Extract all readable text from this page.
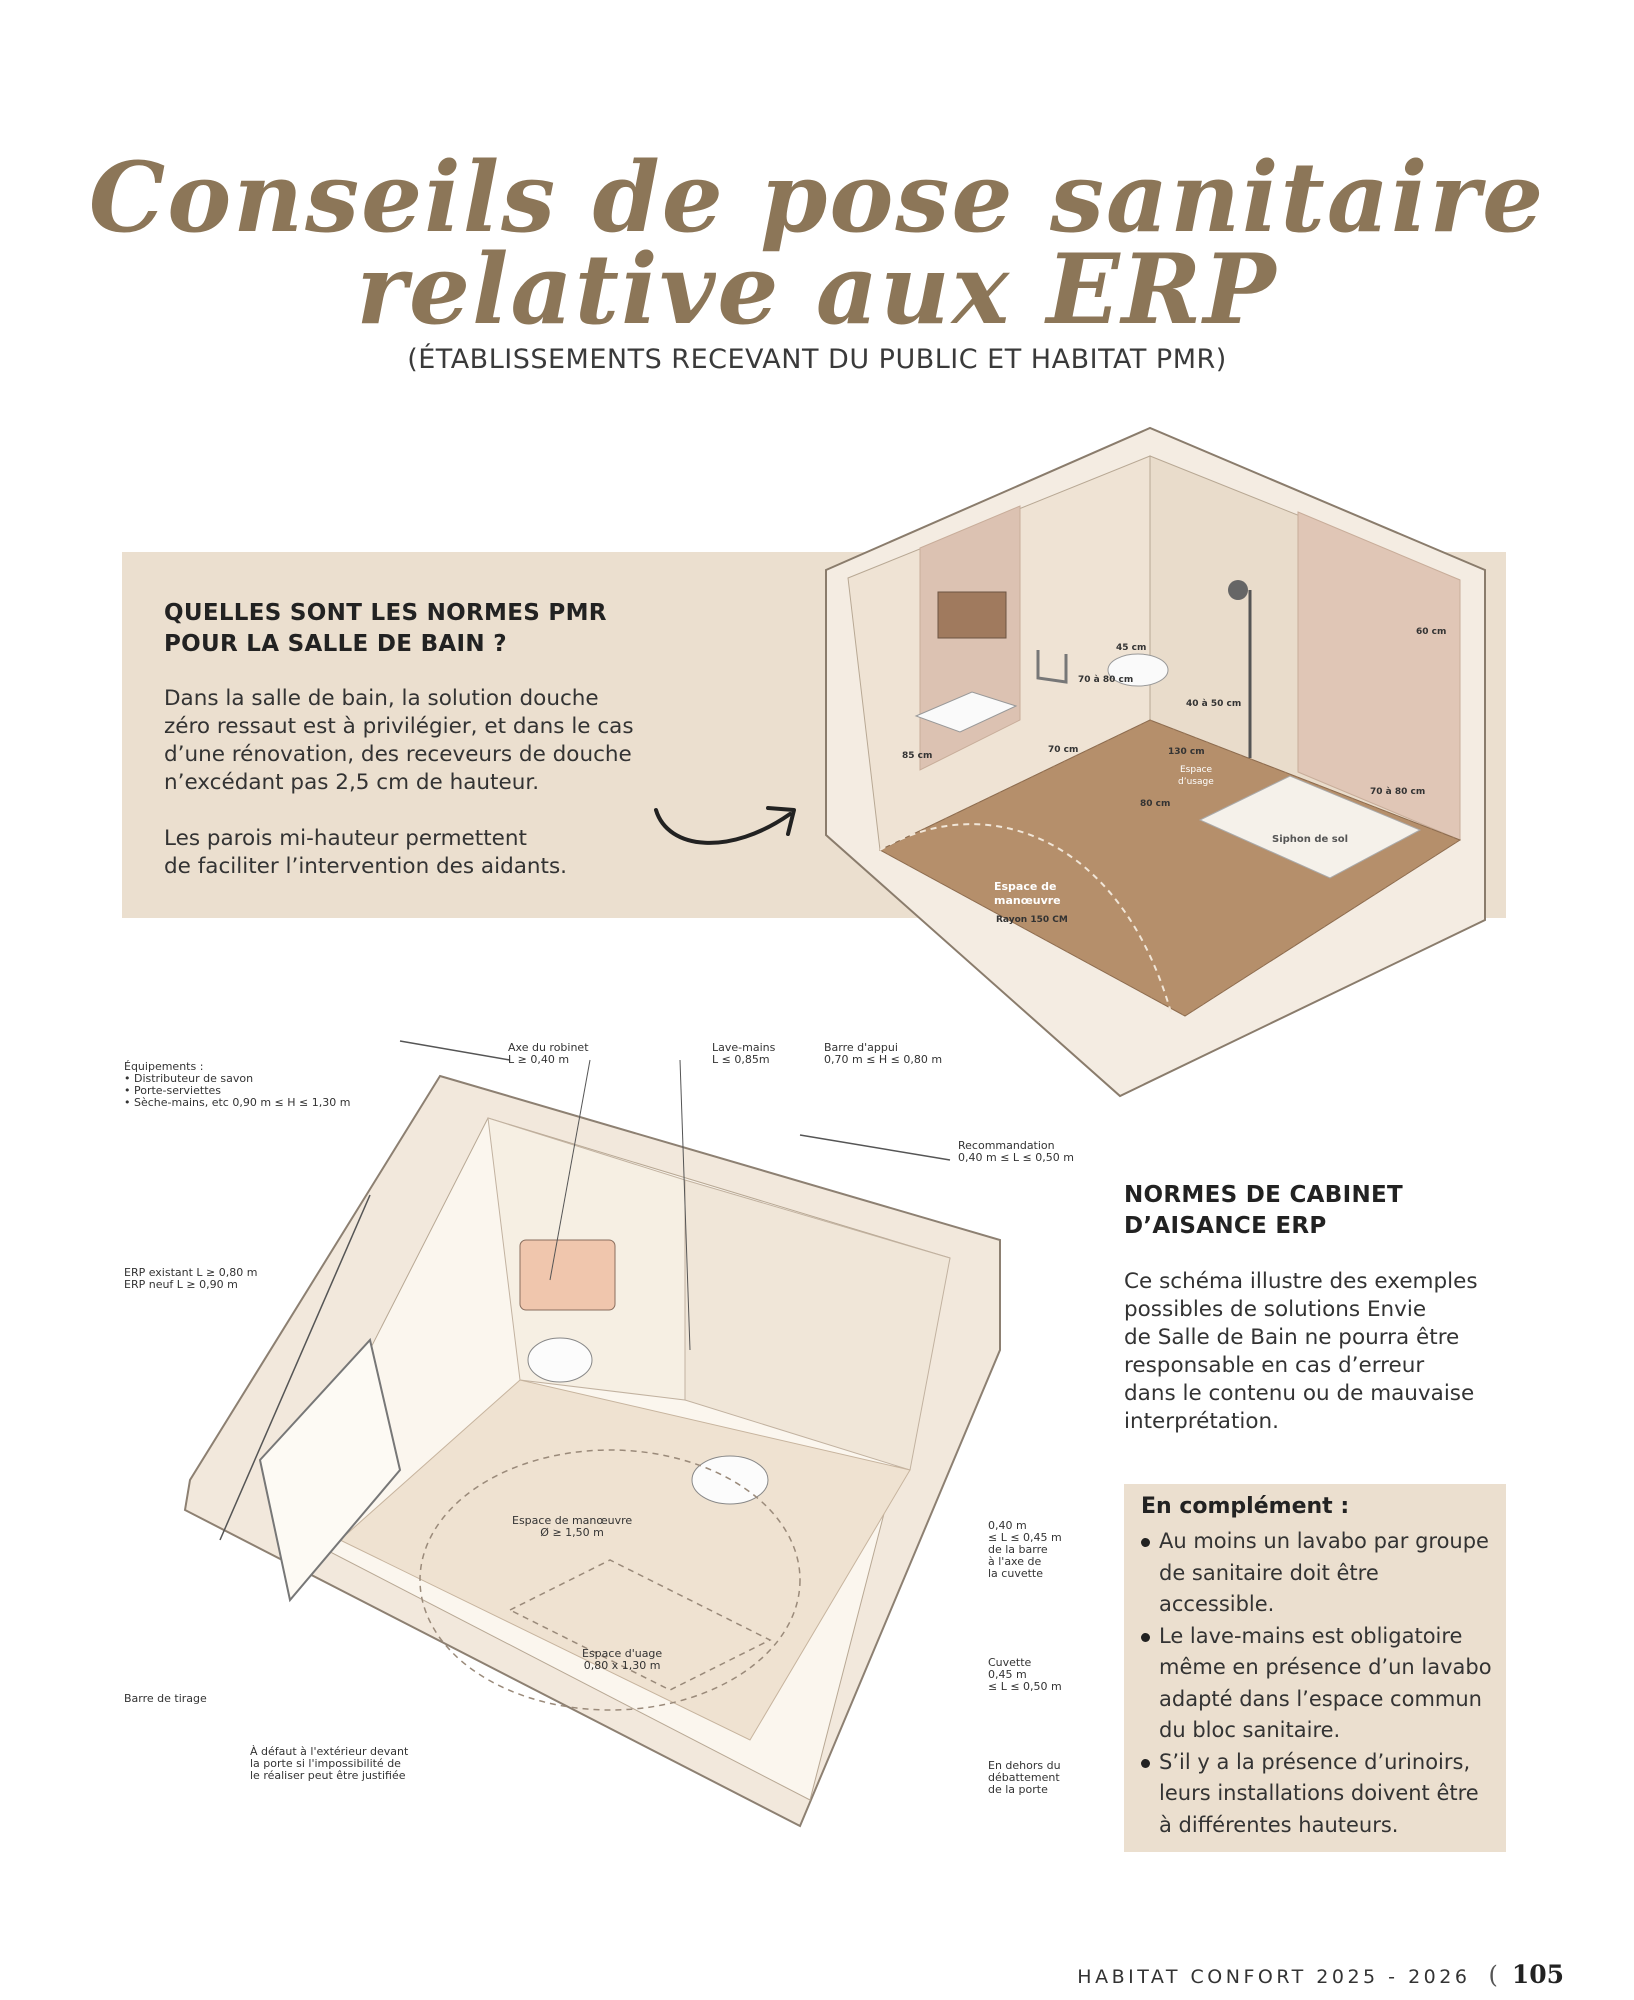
Conseils de pose sanitaire
relative aux ERP
(ÉTABLISSEMENTS RECEVANT DU PUBLIC ET HABITAT PMR)
QUELLES SONT LES NORMES PMR
POUR LA SALLE DE BAIN ?

Dans la salle de bain, la solution douche
zéro ressaut est à privilégier, et dans le cas
d’une rénovation, des receveurs de douche
n’excédant pas 2,5 cm de hauteur.

Les parois mi-hauteur permettent
de faciliter l’intervention des aidants.

45 cm
60 cm
70 à 80 cm
40 à 50 cm
85 cm
70 cm	130 cm
Espace
d’usage
80 cm
70 à 80 cm
Siphon de sol
Espace de
manœuvre
Rayon 150 CM
Équipements :
• Distributeur de savon
• Porte-serviettes
• Sèche-mains, etc 0,90 m ≤ H ≤ 1,30 m
Axe du robinet
L ≥ 0,40 m
Lave-mains
L ≤ 0,85m
Barre d'appui
0,70 m ≤ H ≤ 0,80 m
Recommandation
0,40 m ≤ L ≤ 0,50 m
ERP existant L ≥ 0,80 m
ERP neuf L ≥ 0,90 m
0,40 m
≤ L ≤ 0,45 m
de la barre
à l'axe de
la cuvette
Espace de manœuvre
Ø ≥ 1,50 m
Espace d'uage
0,80 x 1,30 m	Cuvette
0,45 m
≤ L ≤ 0,50 m
Barre de tirage
À défaut à l'extérieur devant
la porte si l'impossibilité de
le réaliser peut être justifiée
En dehors du
débattement
de la porte
NORMES DE CABINET
D’AISANCE ERP

Ce schéma illustre des exemples
possibles de solutions Envie
de Salle de Bain ne pourra être
responsable en cas d’erreur
dans le contenu ou de mauvaise
interprétation.

En complément :
Au moins un lavabo par groupe de sanitaire doit être accessible.
Le lave-mains est obligatoire même en présence d’un lavabo adapté dans l’espace commun du bloc sanitaire.
S’il y a la présence d’urinoirs, leurs installations doivent être à différentes hauteurs.
HABITAT CONFORT 2025 - 2026 ( 105
